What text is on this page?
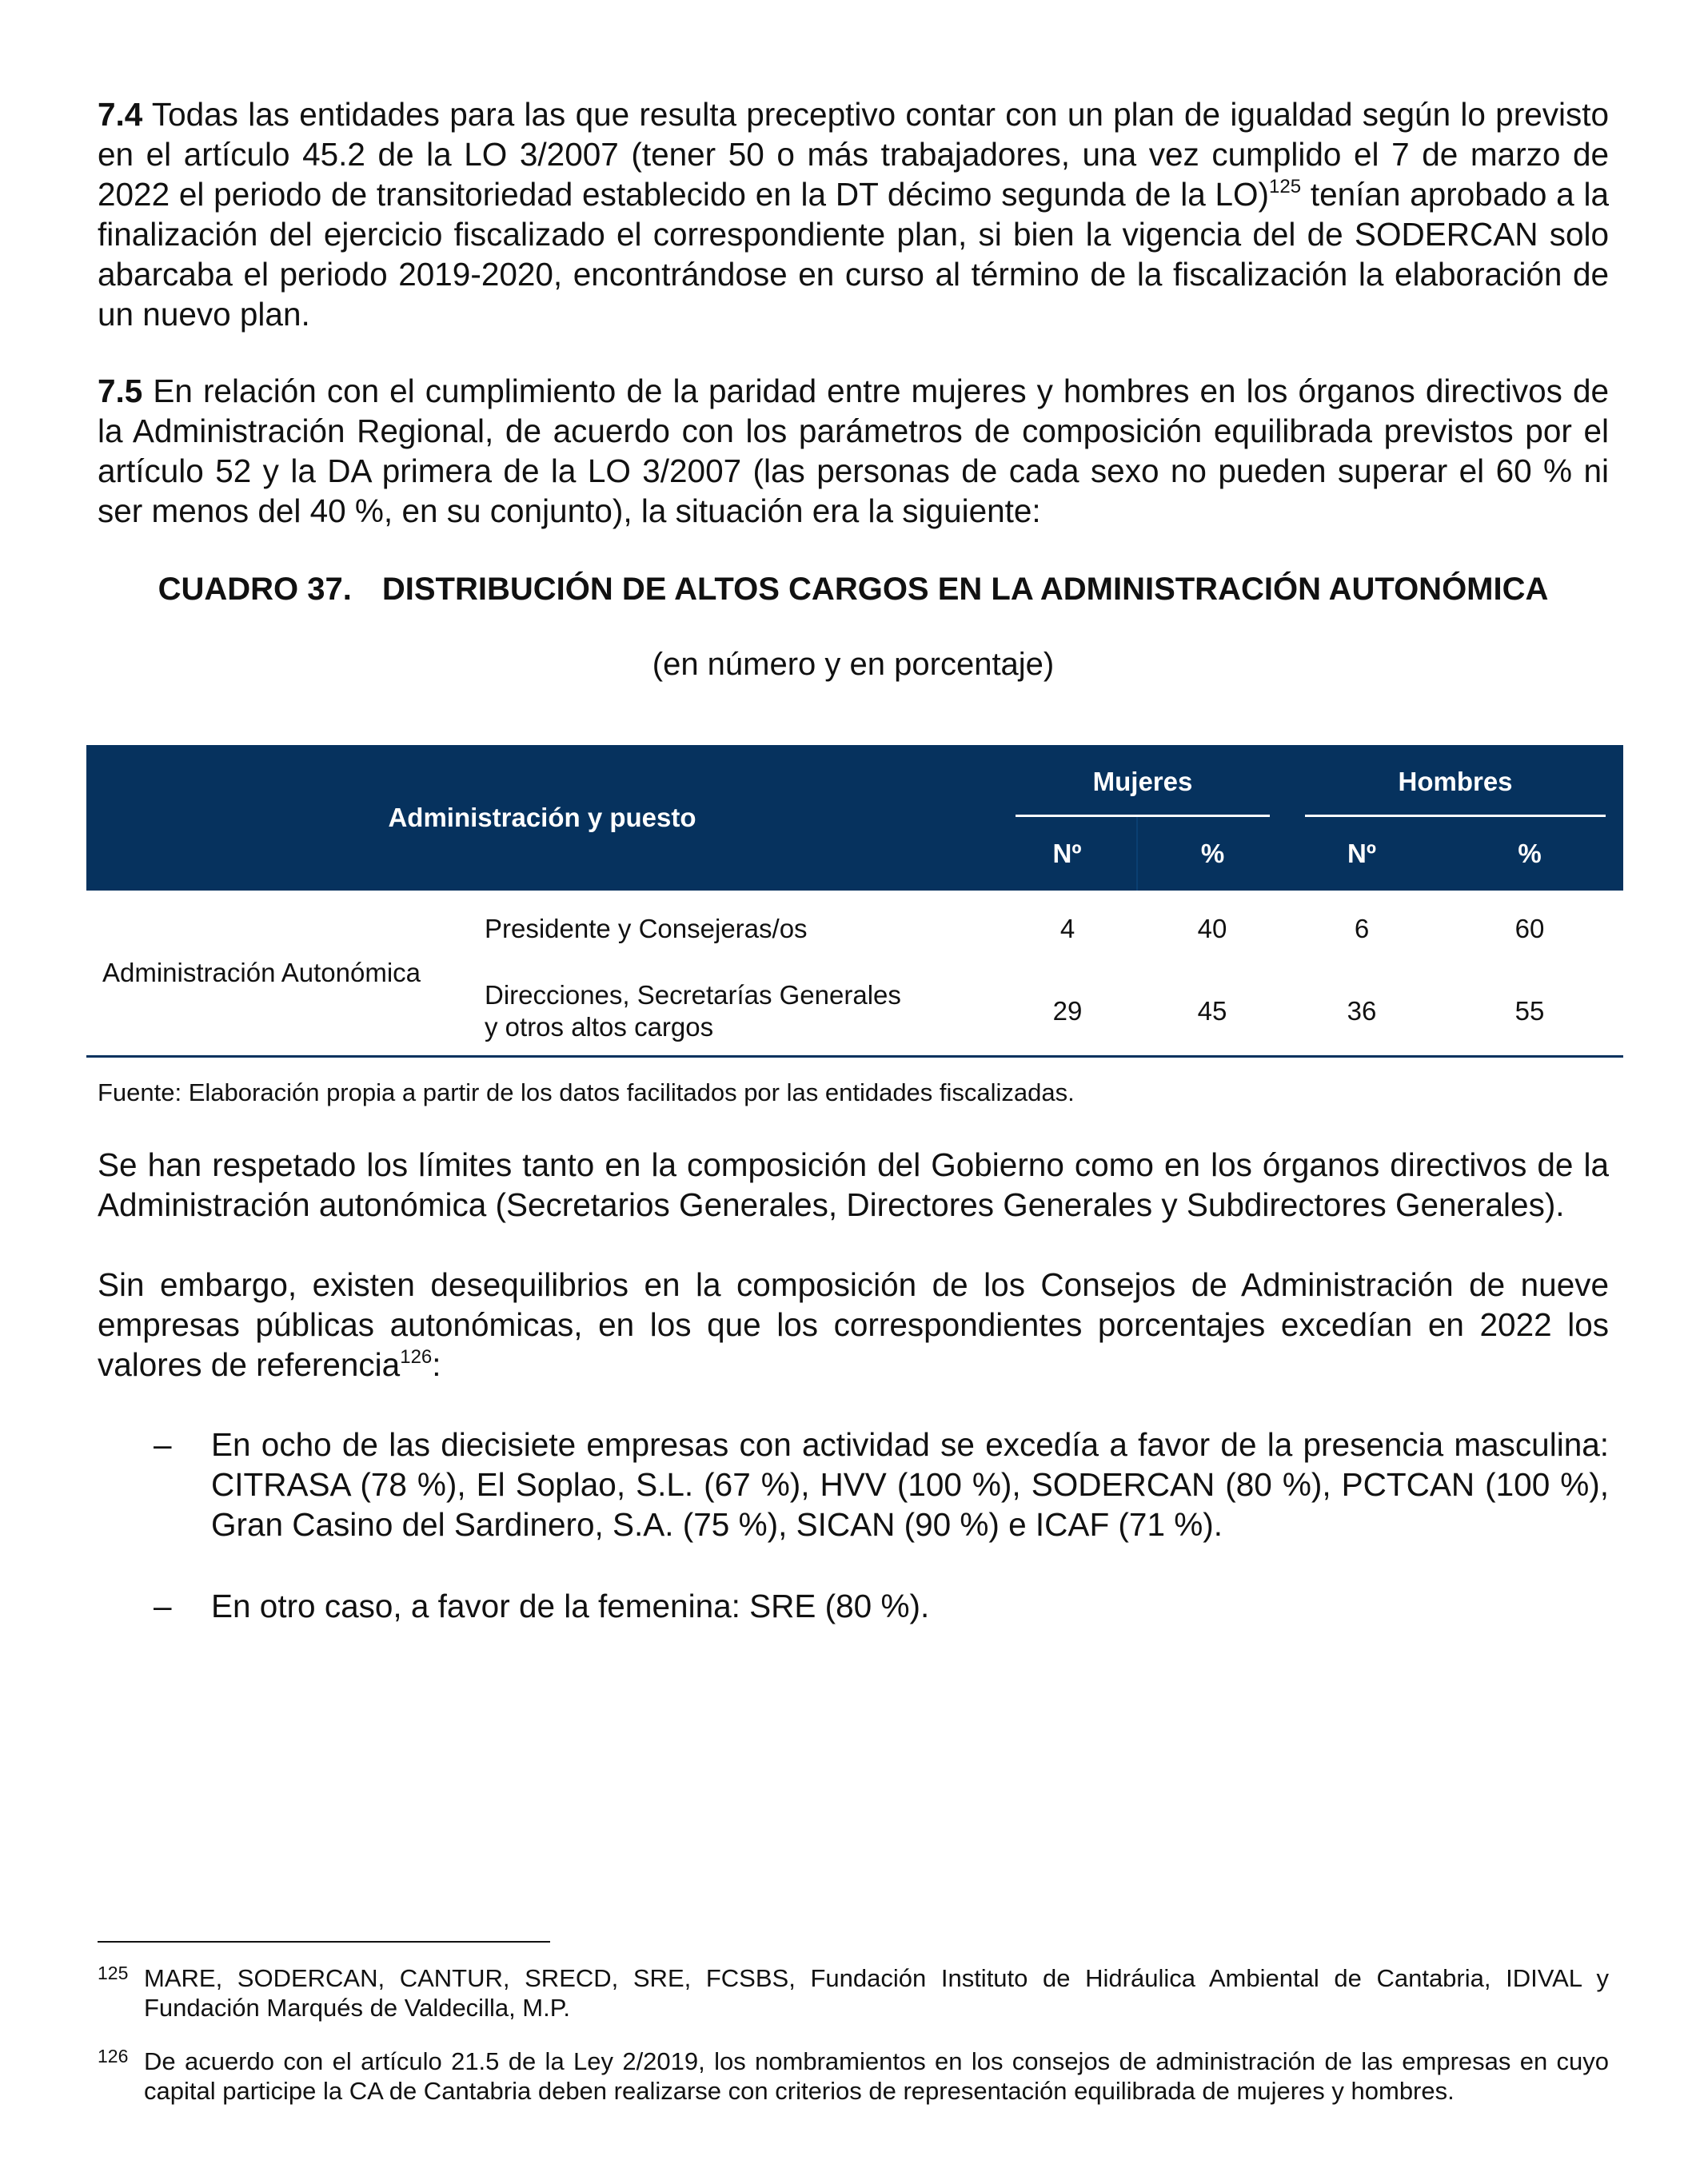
7.4 Todas las entidades para las que resulta preceptivo contar con un plan de igualdad según lo previsto en el artículo 45.2 de la LO 3/2007 (tener 50 o más trabajadores, una vez cumplido el 7 de marzo de 2022 el periodo de transitoriedad establecido en la DT décimo segunda de la LO)$^{125}$ tenían aprobado a la finalización del ejercicio fiscalizado el correspondiente plan, si bien la vigencia del de SODERCAN solo abarcaba el periodo 2019-2020, encontrándose en curso al término de la fiscalización la elaboración de un nuevo plan.

7.5 En relación con el cumplimiento de la paridad entre mujeres y hombres en los órganos directivos de la Administración Regional, de acuerdo con los parámetros de composición equilibrada previstos por el artículo 52 y la DA primera de la LO 3/2007 (las personas de cada sexo no pueden superar el 60 % ni ser menos del 40 %, en su conjunto), la situación era la siguiente:

CUADRO 37. DISTRIBUCIÓN DE ALTOS CARGOS EN LA ADMINISTRACIÓN AUTONÓMICA
(en número y en porcentaje)
Administración y puesto		Mujeres		Hombres	

		Nº	%	Nº	%
Administración Autonómica	Presidente y Consejeras/os	4	40	6	60
	Direcciones, Secretarías Generales
y otros altos cargos	29	45	36	55
Fuente: Elaboración propia a partir de los datos facilitados por las entidades fiscalizadas.

Se han respetado los límites tanto en la composición del Gobierno como en los órganos directivos de la Administración autonómica (Secretarios Generales, Directores Generales y Subdirectores Generales).

Sin embargo, existen desequilibrios en la composición de los Consejos de Administración de nueve empresas públicas autonómicas, en los que los correspondientes porcentajes excedían en 2022 los valores de referencia$^{126}$:

– En ocho de las diecisiete empresas con actividad se excedía a favor de la presencia masculina: CITRASA (78 %), El Soplao, S.L. (67 %), HVV (100 %), SODERCAN (80 %), PCTCAN (100 %), Gran Casino del Sardinero, S.A. (75 %), SICAN (90 %) e ICAF (71 %).
– En otro caso, a favor de la femenina: SRE (80 %).
125 MARE, SODERCAN, CANTUR, SRECD, SRE, FCSBS, Fundación Instituto de Hidráulica Ambiental de Cantabria, IDIVAL y Fundación Marqués de Valdecilla, M.P.
126 De acuerdo con el artículo 21.5 de la Ley 2/2019, los nombramientos en los consejos de administración de las empresas en cuyo capital participe la CA de Cantabria deben realizarse con criterios de representación equilibrada de mujeres y hombres.
